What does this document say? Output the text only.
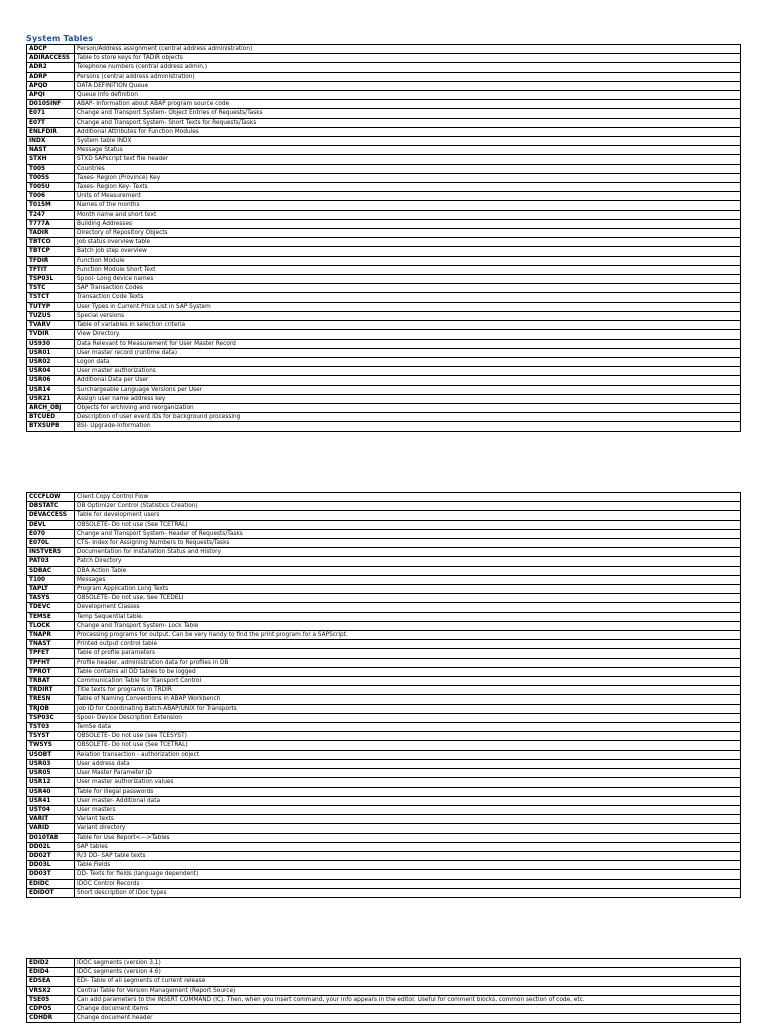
System Tables
ADCP	Person/Address assignment (central address administration)
ADIRACCESS	Table to store keys for TADIR objects
ADR2	Telephone numbers (central address admin.)
ADRP	Persons (central address administration)
APQD	DATA DEFINITION Queue
APQI	Queue info definition
D010SINF	ABAP- Information about ABAP program source code
E071	Change and Transport System- Object Entries of Requests/Tasks
E07T	Change and Transport System- Short Texts for Requests/Tasks
ENLFDIR	Additional Attributes for Function Modules
INDX	System table INDX
NAST	Message Status
STXH	STXD SAPscript text file header
T005	Countries
T005S	Taxes- Region (Province) Key
T005U	Taxes- Region Key- Texts
T006	Units of Measurement
T015M	Names of the months
T247	Month name and short text
T777A	Building Addresses
TADIR	Directory of Repository Objects
TBTCO	Job status overview table
TBTCP	Batch job step overview
TFDIR	Function Module
TFTIT	Function Module Short Text
TSP03L	Spool- Long device names
TSTC	SAP Transaction Codes
TSTCT	Transaction Code Texts
TUTYP	User Types in Current Price List in SAP System
TUZUS	Special versions
TVARV	Table of variables in selection criteria
TVDIR	View Directory
US930	Data Relevant to Measurement for User Master Record
USR01	User master record (runtime data)
USR02	Logon data
USR04	User master authorizations
USR06	Additional Data per User
USR14	Surchargeable Language Versions per User
USR21	Assign user name address key
ARCH_OBJ	Objects for archiving and reorganization
BTCUED	Description of user event IDs for background processing
BTXSUPB	BSI- Upgrade-Information
CCCFLOW	Client Copy Control Flow
DBSTATC	DB Optimizer Control (Statistics Creation)
DEVACCESS	Table for development users
DEVL	OBSOLETE- Do not use (See TCETRAL)
E070	Change and Transport System- Header of Requests/Tasks
E070L	CTS- Index for Assigning Numbers to Requests/Tasks
INSTVERS	Documentation for installation Status and History
PAT03	Patch Directory
SDBAC	DBA Action Table
T100	Messages
TAPLT	Program Application Long Texts
TASYS	OBSOLETE- Do not use, See TCEDELI
TDEVC	Development Classes
TEMSE	Temp Sequential table.
TLOCK	Change and Transport System- Lock Table
TNAPR	Processing programs for output. Can be very handy to find the print program for a SAPScript.
TNAST	Printed output control table
TPFET	Table of profile parameters
TPFHT	Profile header, administration data for profiles in DB
TPROT	Table contains all DD tables to be logged
TRBAT	Communication Table for Transport Control
TRDIRT	Title texts for programs in TRDIR
TRESN	Table of Naming Conventions in ABAP Workbench
TRJOB	Job ID for Coordinating Batch-ABAP/UNIX for Transports
TSP03C	Spool- Device Description Extension
TST03	TemSe data
TSYST	OBSOLETE- Do not use (see TCESYST)
TWSYS	OBSOLETE- Do not use (See TCETRAL)
USOBT	Relation transaction - authorization object
USR03	User address data
USR05	User Master Parameter ID
USR12	User master authorization values
USR40	Table for illegal passwords
USR41	User master- Additional data
UST04	User masters
VARIT	Variant texts
VARID	Variant directory
D010TAB	Table for Use Report<--->Tables
DD02L	SAP tables
DD02T	R/3 DD- SAP table texts
DD03L	Table Fields
DD03T	DD- Texts for fields (language dependent)
EDIDC	IDOC Control Records
EDIDOT	Short description of IDoc types
EDID2	IDOC segments (version 3.1)
EDID4	IDOC segments (version 4.6)
EDSEA	EDI- Table of all segments of current release
VRSX2	Central Table for Version Management (Report Source)
TSE05	Can add parameters to the INSERT COMMAND (IC). Then, when you insert command, your info appears in the editor. Useful for comment blocks, common section of code, etc.
CDPOS	Change document items
CDHDR	Change document header
